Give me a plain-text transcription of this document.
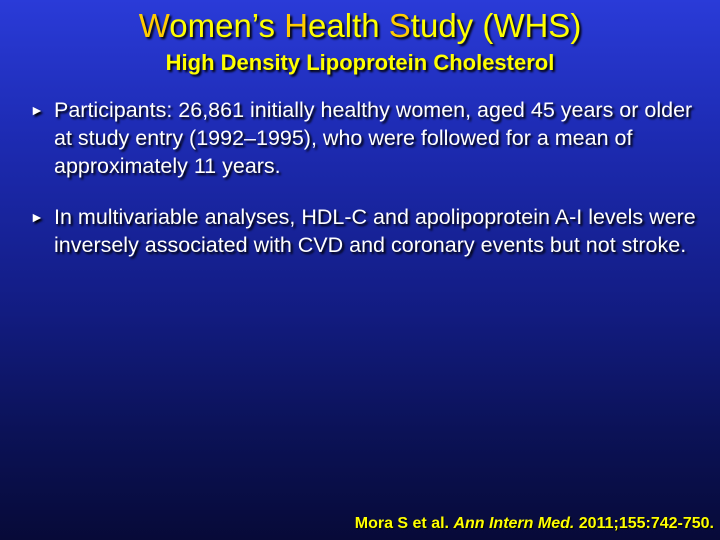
Women’s Health Study (WHS)
High Density Lipoprotein Cholesterol
► Participants: 26,861 initially healthy women, aged 45 years or older at study entry (1992–1995), who were followed for a mean of approximately 11 years.
► In multivariable analyses, HDL-C and apolipoprotein A-I levels were inversely associated with CVD and coronary events but not stroke.
Mora S et al. Ann Intern Med. 2011;155:742-750.
